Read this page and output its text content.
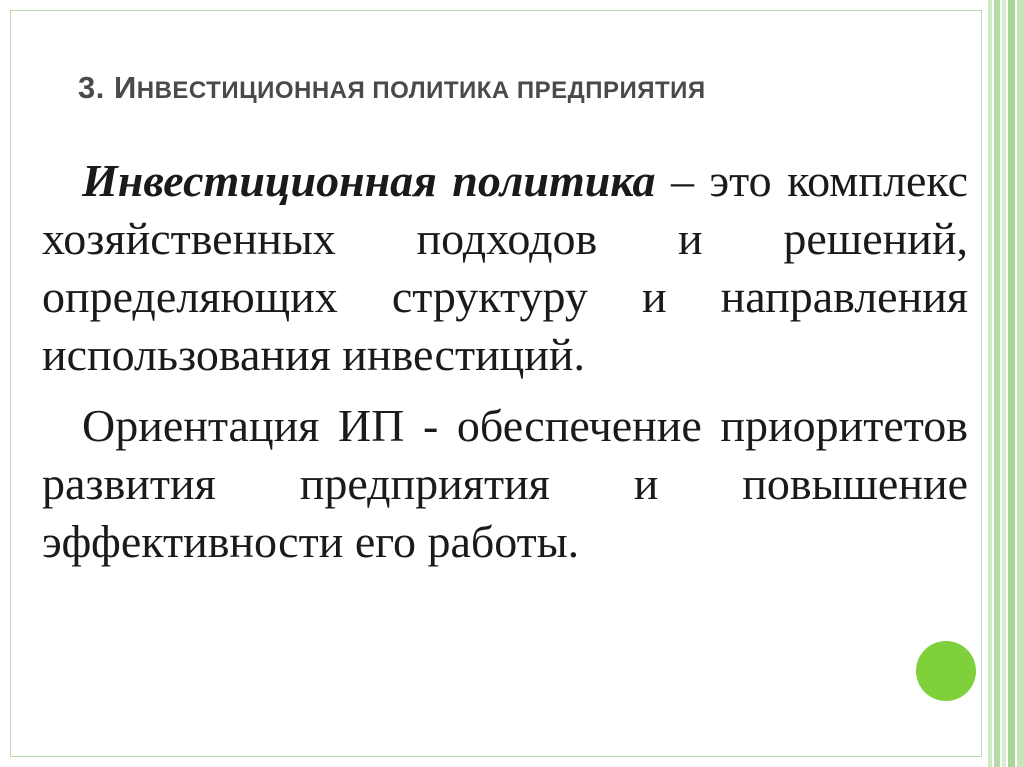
3. ИНВЕСТИЦИОННАЯ ПОЛИТИКА ПРЕДПРИЯТИЯ

Инвестиционная политика – это комплекс хозяйственных подходов и решений, определяющих структуру и направления использования инвестиций.

Ориентация ИП - обеспечение приоритетов развития предприятия и повышение эффективности его работы.
